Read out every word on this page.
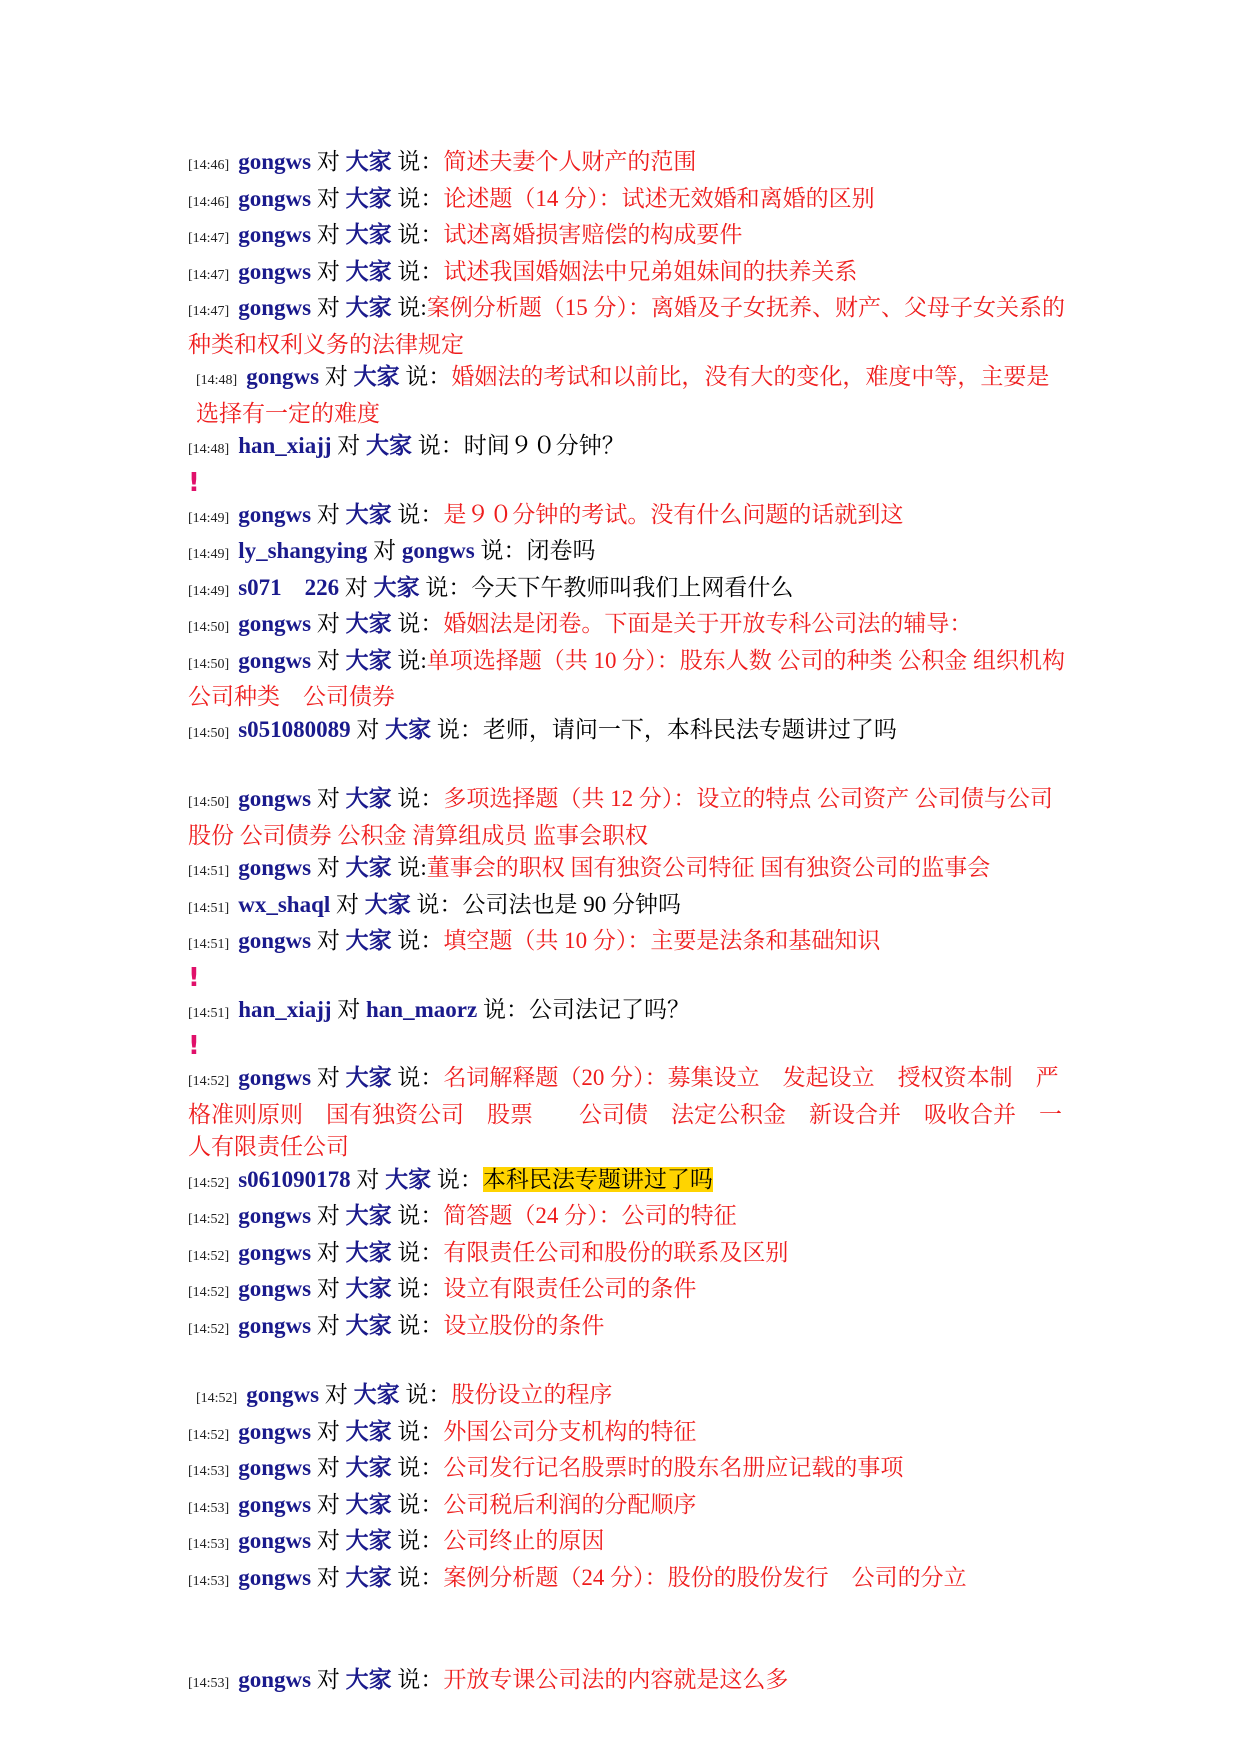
[14:46] gongws 对 大家 说：简述夫妻个人财产的范围

[14:46] gongws 对 大家 说：论述题（14 分）：试述无效婚和离婚的区别

[14:47] gongws 对 大家 说：试述离婚损害赔偿的构成要件

[14:47] gongws 对 大家 说：试述我国婚姻法中兄弟姐妹间的扶养关系

[14:47] gongws 对 大家 说:案例分析题（15 分）：离婚及子女抚养、财产、父母子女关系的种类和权利义务的法律规定

[14:48] gongws 对 大家 说：婚姻法的考试和以前比，没有大的变化，难度中等，主要是选择有一定的难度

[14:48] han_xiajj 对 大家 说：时间９０分钟？

!

[14:49] gongws 对 大家 说：是９０分钟的考试。没有什么问题的话就到这

[14:49] ly_shangying 对 gongws 说：闭卷吗

[14:49] s071　226 对 大家 说：今天下午教师叫我们上网看什么

[14:50] gongws 对 大家 说：婚姻法是闭卷。下面是关于开放专科公司法的辅导：

[14:50] gongws 对 大家 说:单项选择题（共 10 分）：股东人数 公司的种类 公积金 组织机构 公司种类　公司债券

[14:50] s051080089 对 大家 说：老师，请问一下，本科民法专题讲过了吗

[14:50] gongws 对 大家 说：多项选择题（共 12 分）：设立的特点 公司资产 公司债与公司股份 公司债券 公积金 清算组成员 监事会职权

[14:51] gongws 对 大家 说:董事会的职权 国有独资公司特征 国有独资公司的监事会

[14:51] wx_shaql 对 大家 说：公司法也是 90 分钟吗

[14:51] gongws 对 大家 说：填空题（共 10 分）：主要是法条和基础知识

!

[14:51] han_xiajj 对 han_maorz 说：公司法记了吗？

!

[14:52] gongws 对 大家 说：名词解释题（20 分）：募集设立　发起设立　授权资本制　严格准则原则　国有独资公司　股票　　公司债　法定公积金　新设合并　吸收合并　一人有限责任公司

[14:52] s061090178 对 大家 说：本科民法专题讲过了吗

[14:52] gongws 对 大家 说：简答题（24 分）：公司的特征

[14:52] gongws 对 大家 说：有限责任公司和股份的联系及区别

[14:52] gongws 对 大家 说：设立有限责任公司的条件

[14:52] gongws 对 大家 说：设立股份的条件

[14:52] gongws 对 大家 说：股份设立的程序

[14:52] gongws 对 大家 说：外国公司分支机构的特征

[14:53] gongws 对 大家 说：公司发行记名股票时的股东名册应记载的事项

[14:53] gongws 对 大家 说：公司税后利润的分配顺序

[14:53] gongws 对 大家 说：公司终止的原因

[14:53] gongws 对 大家 说：案例分析题（24 分）：股份的股份发行　公司的分立

[14:53] gongws 对 大家 说：开放专课公司法的内容就是这么多
